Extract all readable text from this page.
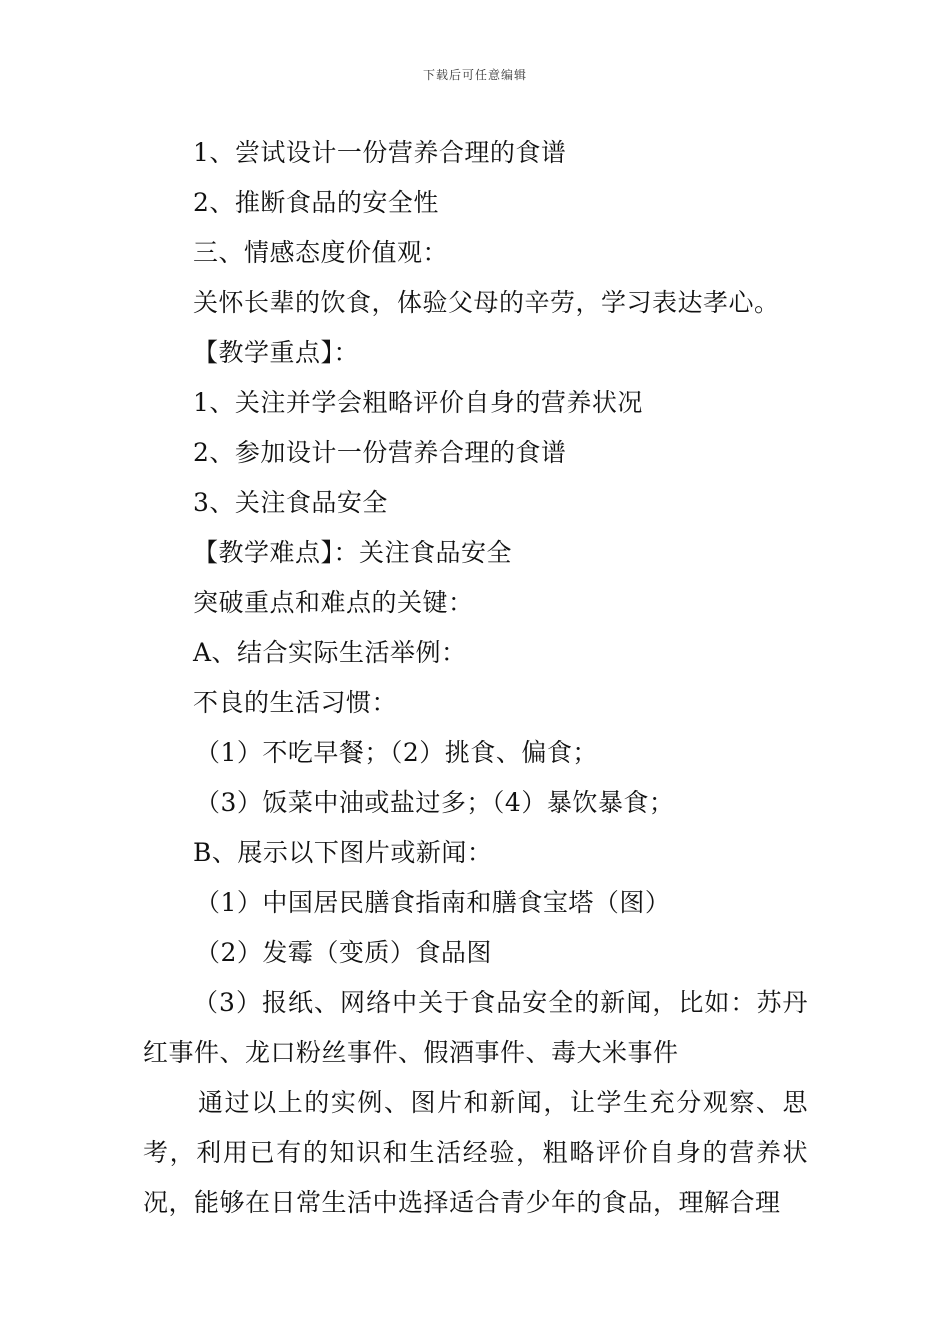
下载后可任意编辑
1、尝试设计一份营养合理的食谱
2、推断食品的安全性
三、情感态度价值观：
关怀长辈的饮食，体验父母的辛劳，学习表达孝心。
【教学重点】：
1、关注并学会粗略评价自身的营养状况
2、参加设计一份营养合理的食谱
3、关注食品安全
【教学难点】：关注食品安全
突破重点和难点的关键：
A、结合实际生活举例：
不良的生活习惯：
（1）不吃早餐；（2）挑食、偏食；
（3）饭菜中油或盐过多；（4）暴饮暴食；
B、展示以下图片或新闻：
（1）中国居民膳食指南和膳食宝塔（图）
（2）发霉（变质）食品图
（3）报纸、网络中关于食品安全的新闻，比如：苏丹红事件、龙口粉丝事件、假酒事件、毒大米事件
通过以上的实例、图片和新闻，让学生充分观察、思考，利用已有的知识和生活经验，粗略评价自身的营养状况，能够在日常生活中选择适合青少年的食品，理解合理
